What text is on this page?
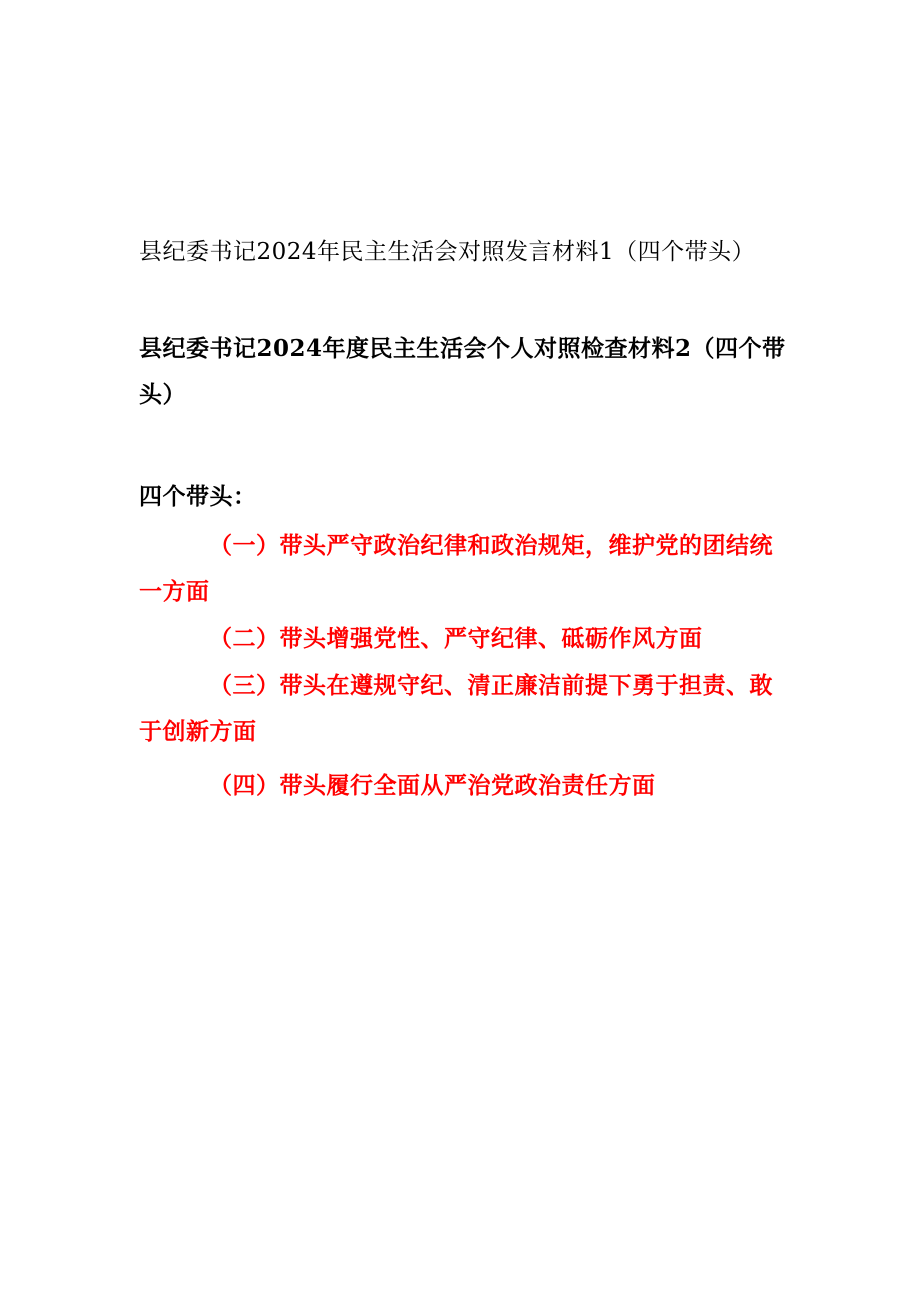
县纪委书记2024年民主生活会对照发言材料1（四个带头）

县纪委书记2024年度民主生活会个人对照检查材料2（四个带头）

四个带头：

（一）带头严守政治纪律和政治规矩，维护党的团结统一方面

（二）带头增强党性、严守纪律、砥砺作风方面

（三）带头在遵规守纪、清正廉洁前提下勇于担责、敢于创新方面

（四）带头履行全面从严治党政治责任方面
